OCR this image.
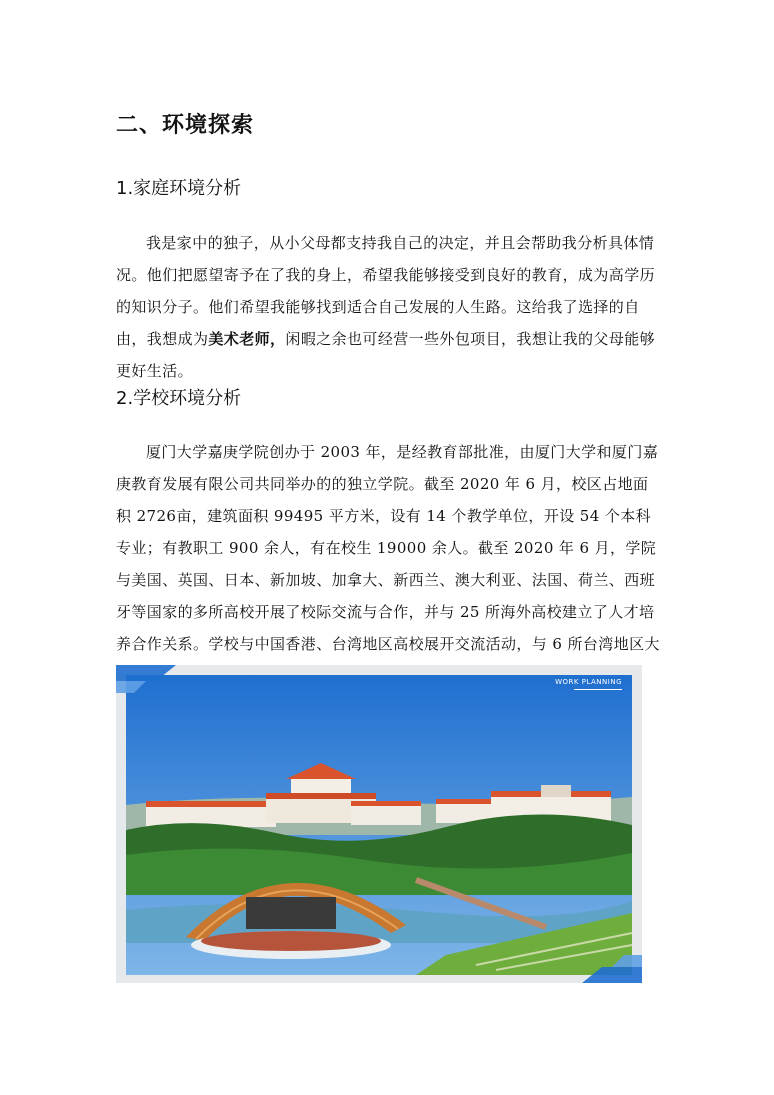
二、环境探索
1.家庭环境分析

我是家中的独子，从小父母都支持我自己的决定，并且会帮助我分析具体情况。他们把愿望寄予在了我的身上，希望我能够接受到良好的教育，成为高学历的知识分子。他们希望我能够找到适合自己发展的人生路。这给我了选择的自由，我想成为美术老师，闲暇之余也可经营一些外包项目，我想让我的父母能够更好生活。

2.学校环境分析

厦门大学嘉庚学院创办于 2003 年，是经教育部批准，由厦门大学和厦门嘉庚教育发展有限公司共同举办的的独立学院。截至 2020 年 6 月，校区占地面积 2726亩，建筑面积 99495 平方米，设有 14 个教学单位，开设 54 个本科专业；有教职工 900 余人，有在校生 19000 余人。截至 2020 年 6 月，学院与美国、英国、日本、新加坡、加拿大、新西兰、澳大利亚、法国、荷兰、西班牙等国家的多所高校开展了校际交流与合作，并与 25 所海外高校建立了人才培养合作关系。学校与中国香港、台湾地区高校展开交流活动，与 6 所台湾地区大

WORK PLANNING
